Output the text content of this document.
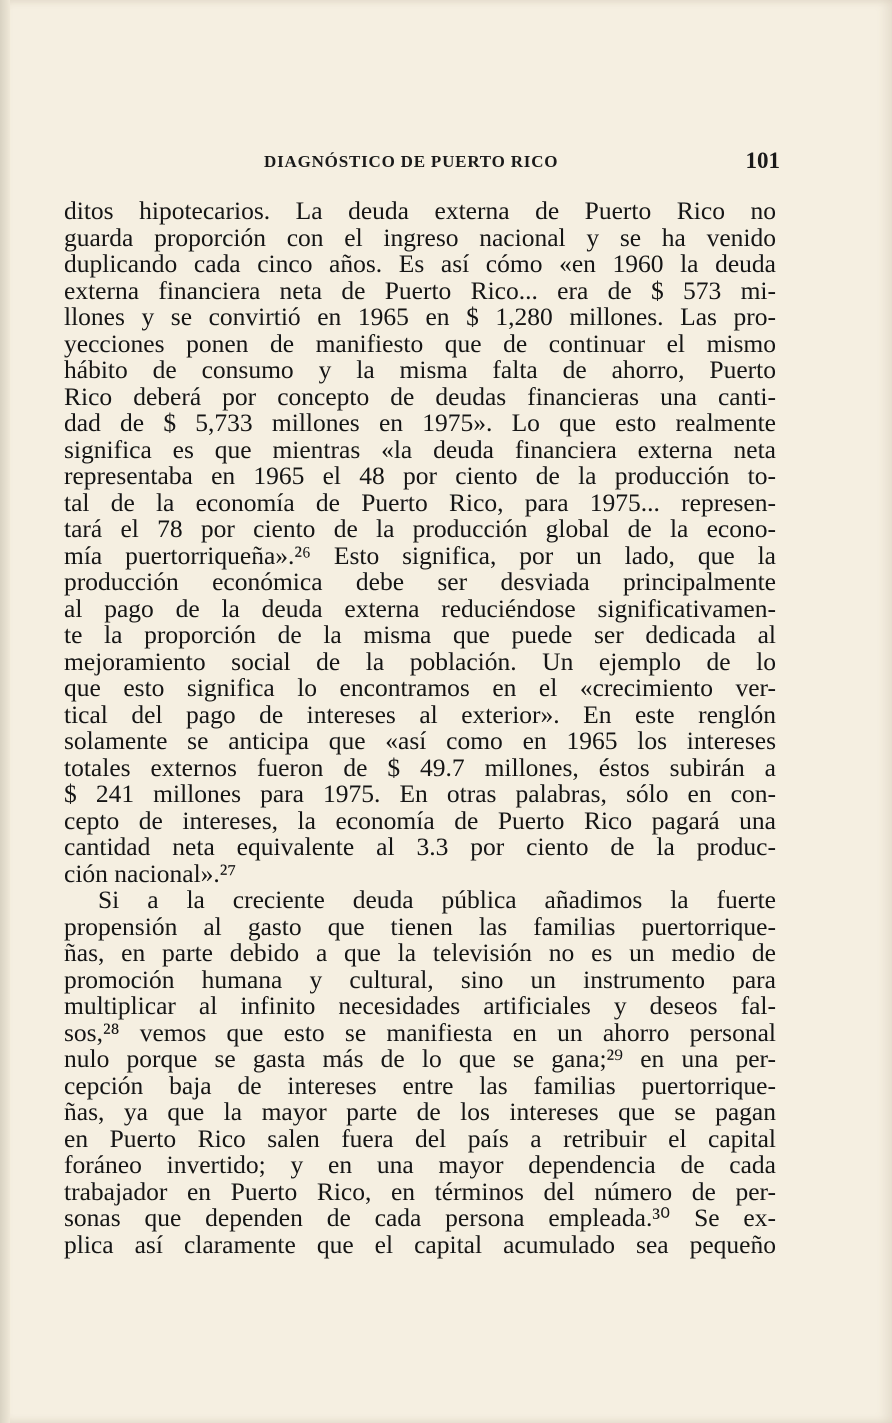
DIAGNÓSTICO DE PUERTO RICO	101
ditos hipotecarios. La deuda externa de Puerto Rico no
guarda proporción con el ingreso nacional y se ha venido
duplicando cada cinco años. Es así cómo «en 1960 la deuda
externa financiera neta de Puerto Rico... era de $ 573 mi-
llones y se convirtió en 1965 en $ 1,280 millones. Las pro-
yecciones ponen de manifiesto que de continuar el mismo
hábito de consumo y la misma falta de ahorro, Puerto
Rico deberá por concepto de deudas financieras una canti-
dad de $ 5,733 millones en 1975». Lo que esto realmente
significa es que mientras «la deuda financiera externa neta
representaba en 1965 el 48 por ciento de la producción to-
tal de la economía de Puerto Rico, para 1975... represen-
tará el 78 por ciento de la producción global de la econo-
mía puertorriqueña».²⁶ Esto significa, por un lado, que la
producción económica debe ser desviada principalmente
al pago de la deuda externa reduciéndose significativamen-
te la proporción de la misma que puede ser dedicada al
mejoramiento social de la población. Un ejemplo de lo
que esto significa lo encontramos en el «crecimiento ver-
tical del pago de intereses al exterior». En este renglón
solamente se anticipa que «así como en 1965 los intereses
totales externos fueron de $ 49.7 millones, éstos subirán a
$ 241 millones para 1975. En otras palabras, sólo en con-
cepto de intereses, la economía de Puerto Rico pagará una
cantidad neta equivalente al 3.3 por ciento de la produc-
ción nacional».²⁷
Si a la creciente deuda pública añadimos la fuerte
propensión al gasto que tienen las familias puertorrique-
ñas, en parte debido a que la televisión no es un medio de
promoción humana y cultural, sino un instrumento para
multiplicar al infinito necesidades artificiales y deseos fal-
sos,²⁸ vemos que esto se manifiesta en un ahorro personal
nulo porque se gasta más de lo que se gana;²⁹ en una per-
cepción baja de intereses entre las familias puertorrique-
ñas, ya que la mayor parte de los intereses que se pagan
en Puerto Rico salen fuera del país a retribuir el capital
foráneo invertido; y en una mayor dependencia de cada
trabajador en Puerto Rico, en términos del número de per-
sonas que dependen de cada persona empleada.³⁰ Se ex-
plica así claramente que el capital acumulado sea pequeño
